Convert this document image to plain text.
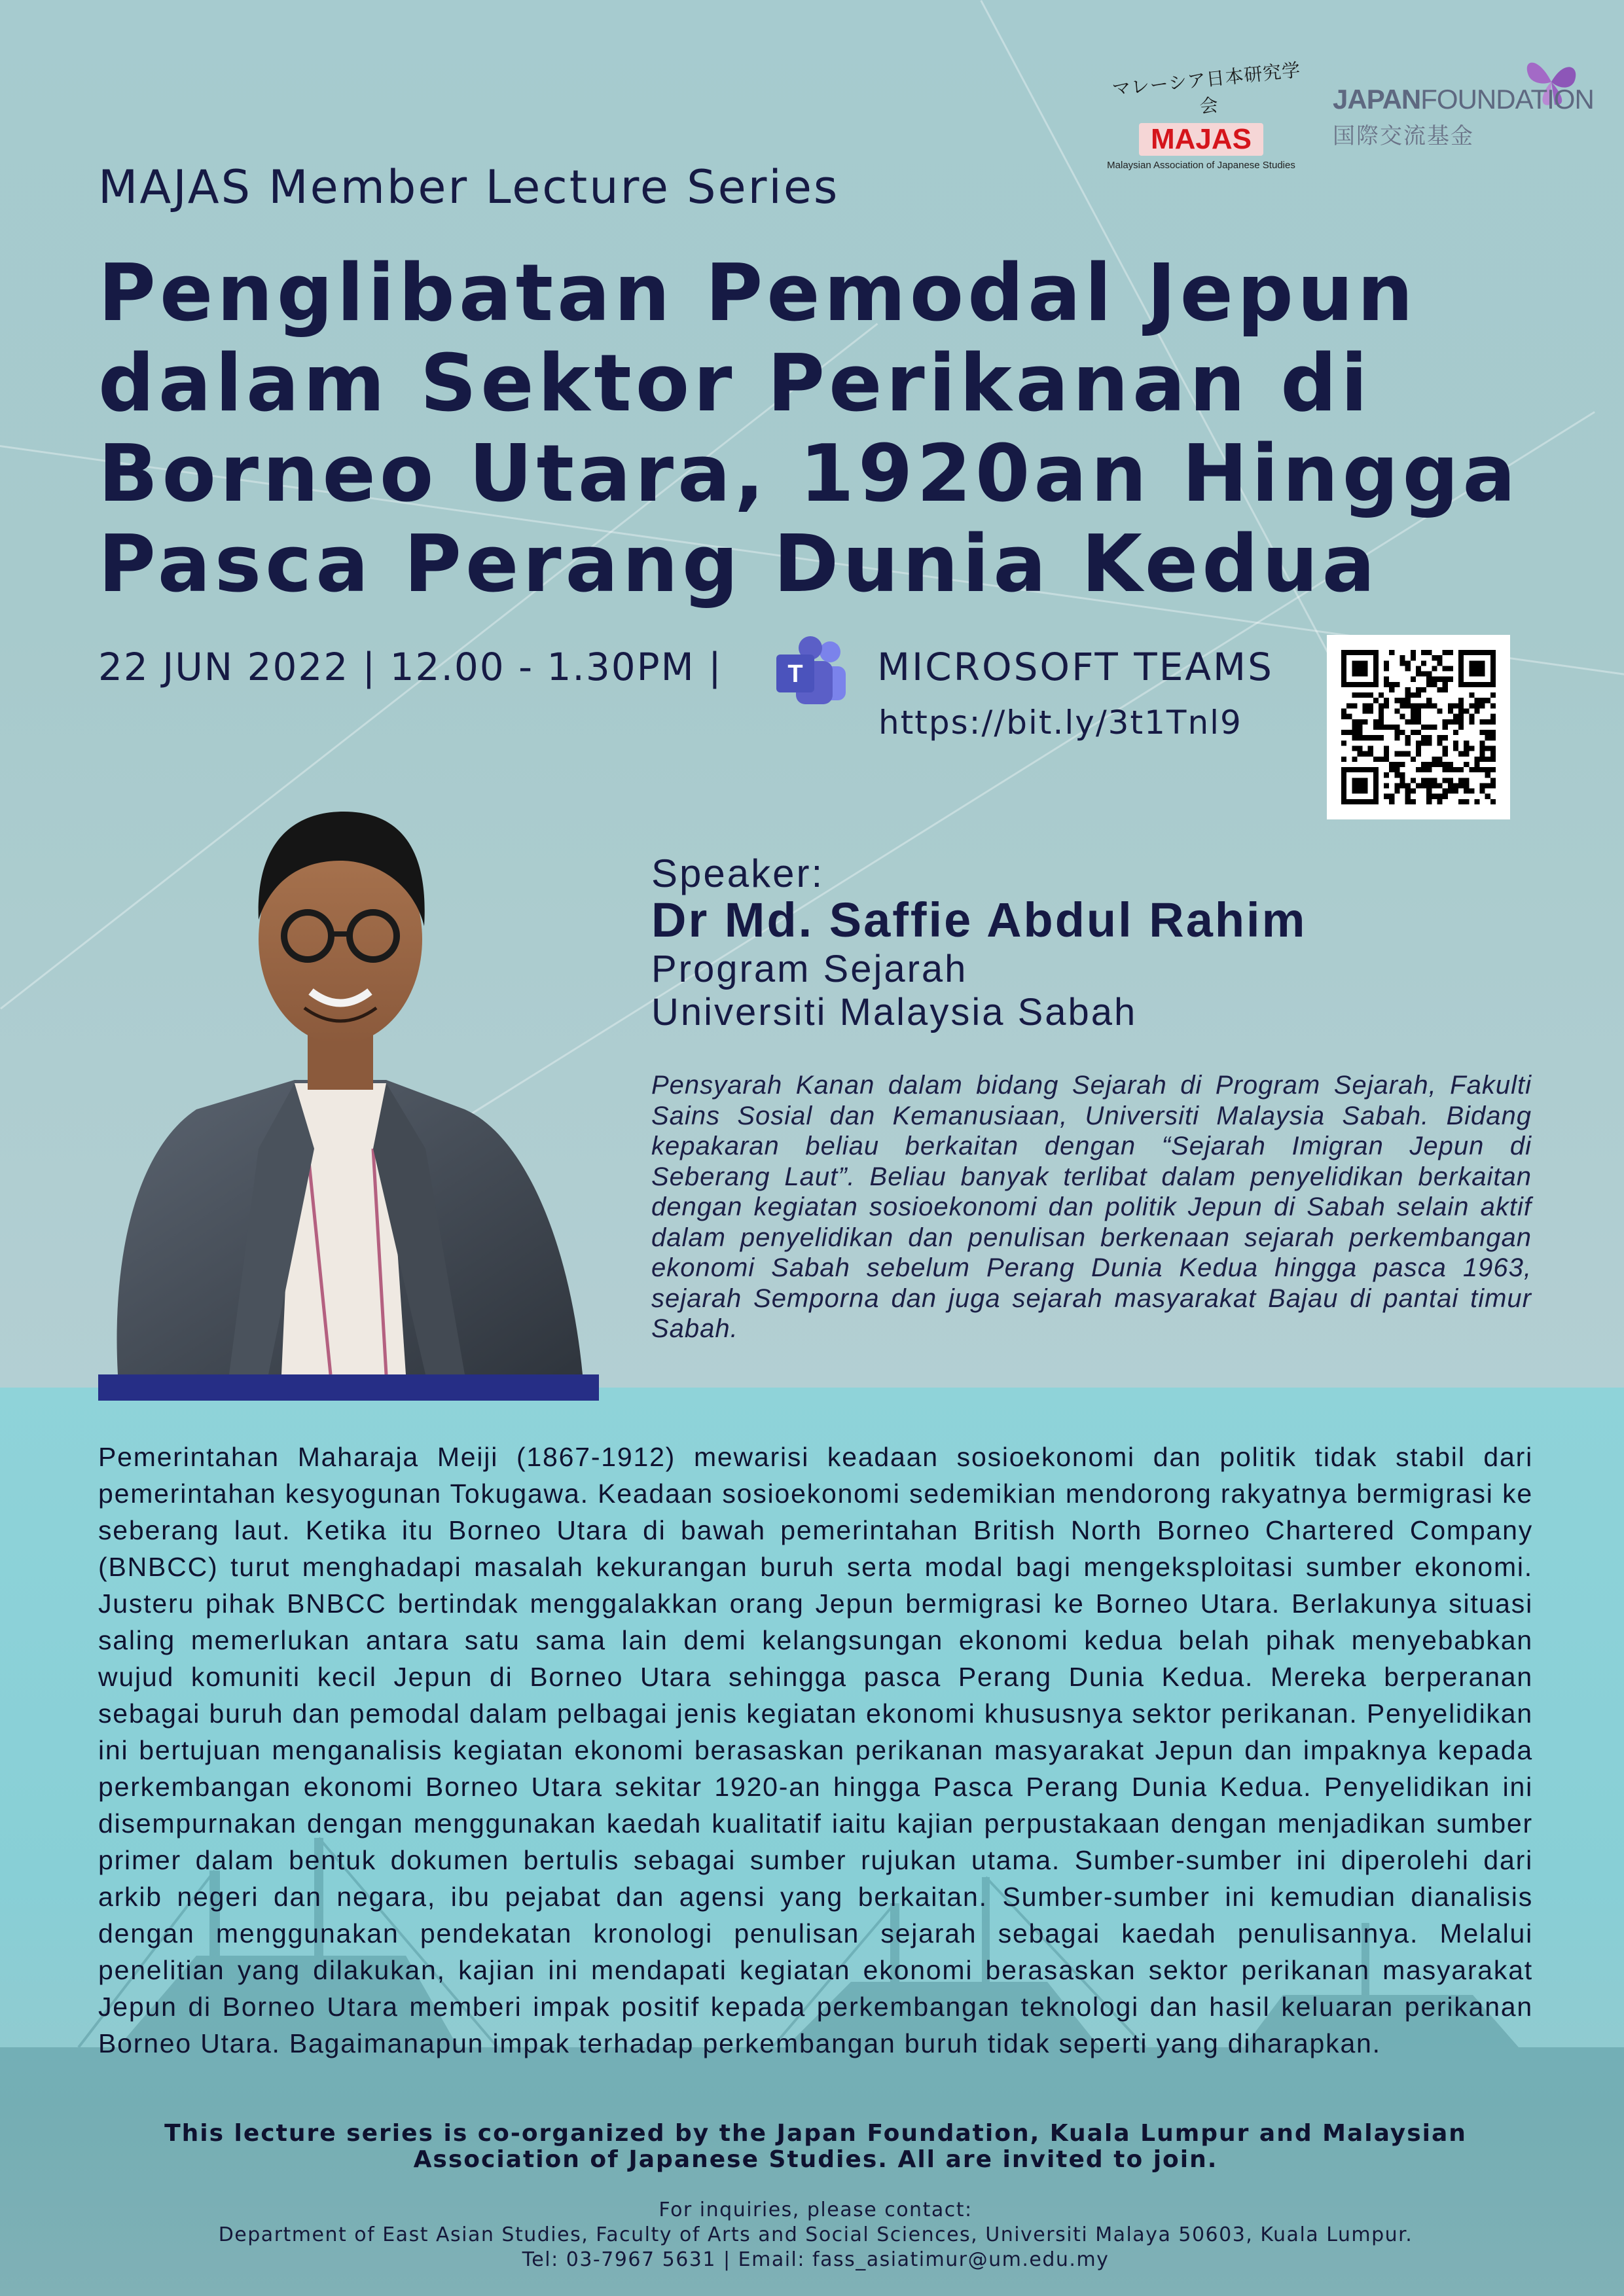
マレーシア日本研究学会
MAJAS
Malaysian Association of Japanese Studies
JAPANFOUNDATION
国際交流基金
MAJAS Member Lecture Series
Penglibatan Pemodal Jepun
dalam Sektor Perikanan di
Borneo Utara, 1920an Hingga
Pasca Perang Dunia Kedua
22 JUN 2022 | 12.00 - 1.30PM |	T MICROSOFT TEAMS
https://bit.ly/3t1Tnl9
Speaker:
Dr Md. Saffie Abdul Rahim
Program Sejarah
Universiti Malaysia Sabah
Pensyarah Kanan dalam bidang Sejarah di Program Sejarah, Fakulti Sains Sosial dan Kemanusiaan, Universiti Malaysia Sabah. Bidang kepakaran beliau berkaitan dengan “Sejarah Imigran Jepun di Seberang Laut”. Beliau banyak terlibat dalam penyelidikan berkaitan dengan kegiatan sosioekonomi dan politik Jepun di Sabah selain aktif dalam penyelidikan dan penulisan berkenaan sejarah perkembangan ekonomi Sabah sebelum Perang Dunia Kedua hingga pasca 1963, sejarah Semporna dan juga sejarah masyarakat Bajau di pantai timur Sabah.
Pemerintahan Maharaja Meiji (1867-1912) mewarisi keadaan sosioekonomi dan politik tidak stabil dari pemerintahan kesyogunan Tokugawa. Keadaan sosioekonomi sedemikian mendorong rakyatnya bermigrasi ke seberang laut. Ketika itu Borneo Utara di bawah pemerintahan British North Borneo Chartered Company (BNBCC) turut menghadapi masalah kekurangan buruh serta modal bagi mengeksploitasi sumber ekonomi. Justeru pihak BNBCC bertindak menggalakkan orang Jepun bermigrasi ke Borneo Utara. Berlakunya situasi saling memerlukan antara satu sama lain demi kelangsungan ekonomi kedua belah pihak menyebabkan wujud komuniti kecil Jepun di Borneo Utara sehingga pasca Perang Dunia Kedua. Mereka berperanan sebagai buruh dan pemodal dalam pelbagai jenis kegiatan ekonomi khususnya sektor perikanan. Penyelidikan ini bertujuan menganalisis kegiatan ekonomi berasaskan perikanan masyarakat Jepun dan impaknya kepada perkembangan ekonomi Borneo Utara sekitar 1920-an hingga Pasca Perang Dunia Kedua. Penyelidikan ini disempurnakan dengan menggunakan kaedah kualitatif iaitu kajian perpustakaan dengan menjadikan sumber primer dalam bentuk dokumen bertulis sebagai sumber rujukan utama. Sumber-sumber ini diperolehi dari arkib negeri dan negara, ibu pejabat dan agensi yang berkaitan. Sumber-sumber ini kemudian dianalisis dengan menggunakan pendekatan kronologi penulisan sejarah sebagai kaedah penulisannya. Melalui penelitian yang dilakukan, kajian ini mendapati kegiatan ekonomi berasaskan sektor perikanan masyarakat Jepun di Borneo Utara memberi impak positif kepada perkembangan teknologi dan hasil keluaran perikanan Borneo Utara. Bagaimanapun impak terhadap perkembangan buruh tidak seperti yang diharapkan.
This lecture series is co-organized by the Japan Foundation, Kuala Lumpur and Malaysian Association of Japanese Studies. All are invited to join.
For inquiries, please contact:
Department of East Asian Studies, Faculty of Arts and Social Sciences, Universiti Malaya 50603, Kuala Lumpur.
Tel: 03-7967 5631 | Email: fass_asiatimur@um.edu.my
